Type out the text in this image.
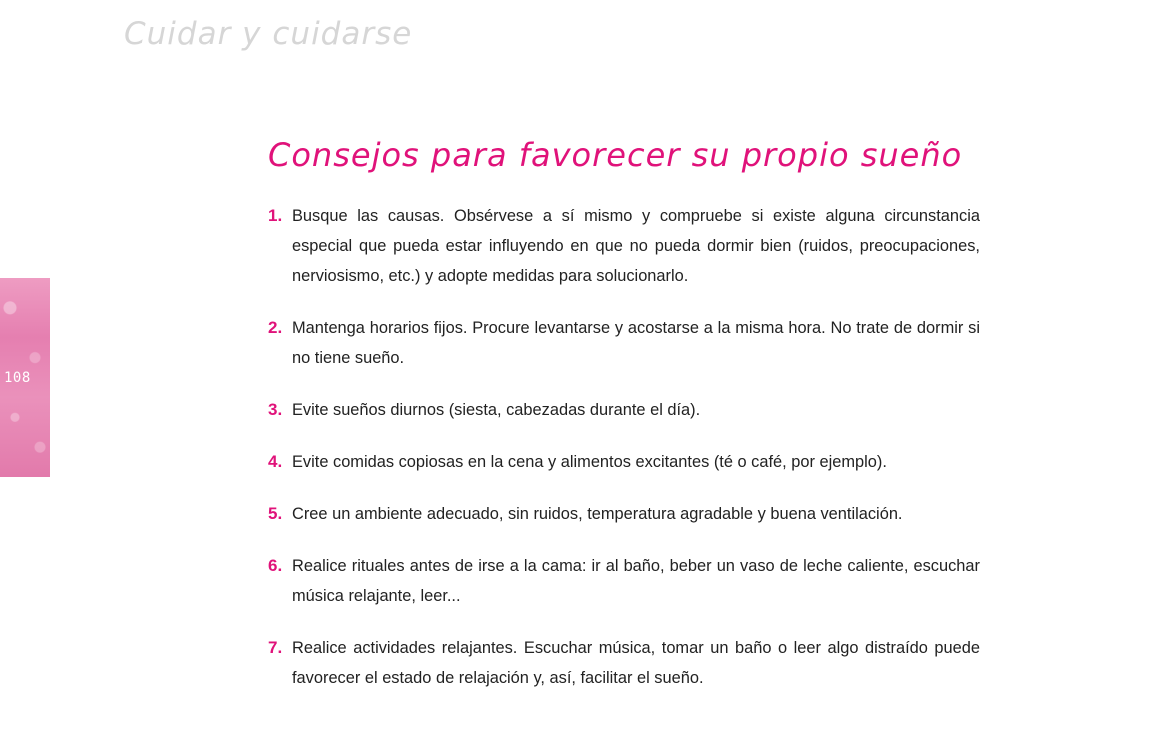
Cuidar y cuidarse
108
Consejos para favorecer su propio sueño
1. Busque las causas. Obsérvese a sí mismo y compruebe si existe alguna circunstancia especial que pueda estar influyendo en que no pueda dormir bien (ruidos, preocupaciones, nerviosismo, etc.) y adopte medidas para solucionarlo.
2. Mantenga horarios fijos. Procure levantarse y acostarse a la misma hora. No trate de dormir si no tiene sueño.
3. Evite sueños diurnos (siesta, cabezadas durante el día).
4. Evite comidas copiosas en la cena y alimentos excitantes (té o café, por ejemplo).
5. Cree un ambiente adecuado, sin ruidos, temperatura agradable y buena ventilación.
6. Realice rituales antes de irse a la cama: ir al baño, beber un vaso de leche caliente, escuchar música relajante, leer...
7. Realice actividades relajantes. Escuchar música, tomar un baño o leer algo distraído puede favorecer el estado de relajación y, así, facilitar el sueño.
